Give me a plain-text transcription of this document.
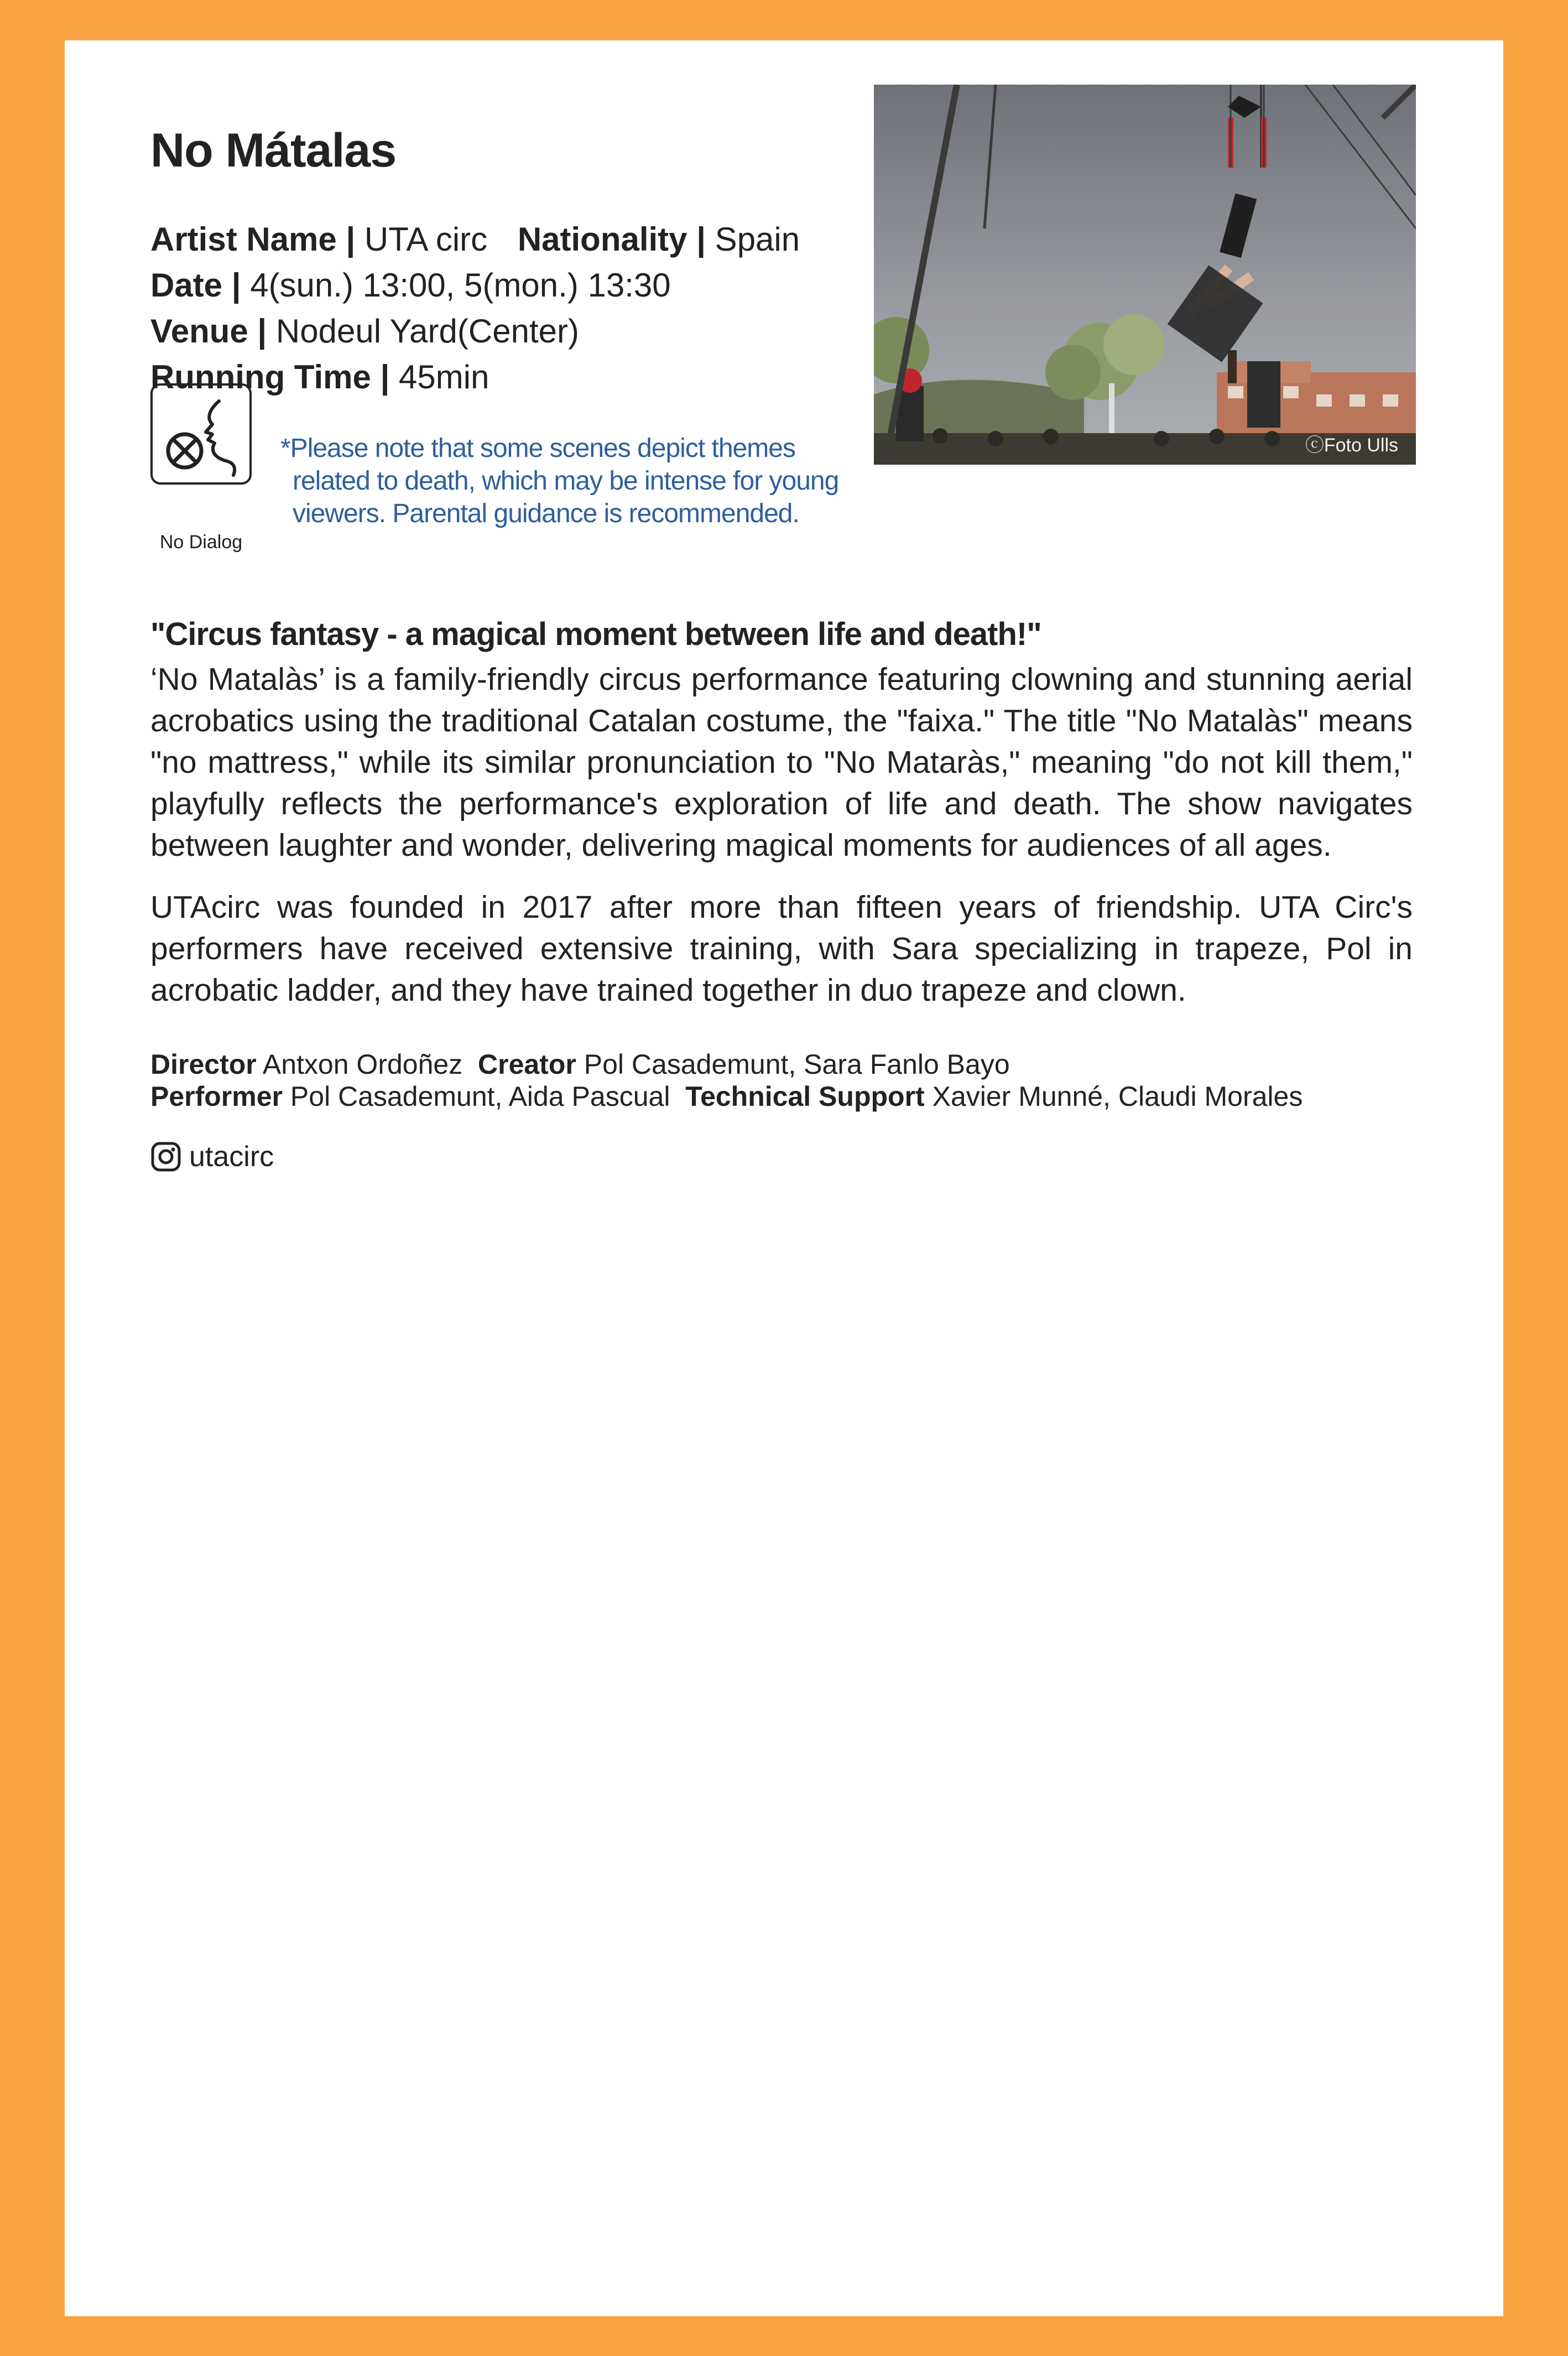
No Mátalas
Artist Name | UTA circ Nationality | Spain
Date | 4(sun.) 13:00, 5(mon.) 13:30
Venue | Nodeul Yard(Center)
Running Time | 45min
No Dialog
*Please note that some scenes depict themes
related to death, which may be intense for young
viewers. Parental guidance is recommended.
ⓒFoto Ulls
"Circus fantasy - a magical moment between life and death!"

‘No Matalàs’ is a family-friendly circus performance featuring clowning and stunning aerial acrobatics using the traditional Catalan costume, the "faixa." The title "No Matalàs" means "no mattress," while its similar pronunciation to "No Mataràs," meaning "do not kill them," playfully reflects the performance's exploration of life and death. The show navigates between laughter and wonder, delivering magical moments for audiences of all ages.

UTAcirc was founded in 2017 after more than fifteen years of friendship. UTA Circ's performers have received extensive training, with Sara specializing in trapeze, Pol in acrobatic ladder, and they have trained together in duo trapeze and clown.

Director Antxon Ordoñez Creator Pol Casademunt, Sara Fanlo Bayo
Performer Pol Casademunt, Aida Pascual Technical Support Xavier Munné, Claudi Morales
utacirc
